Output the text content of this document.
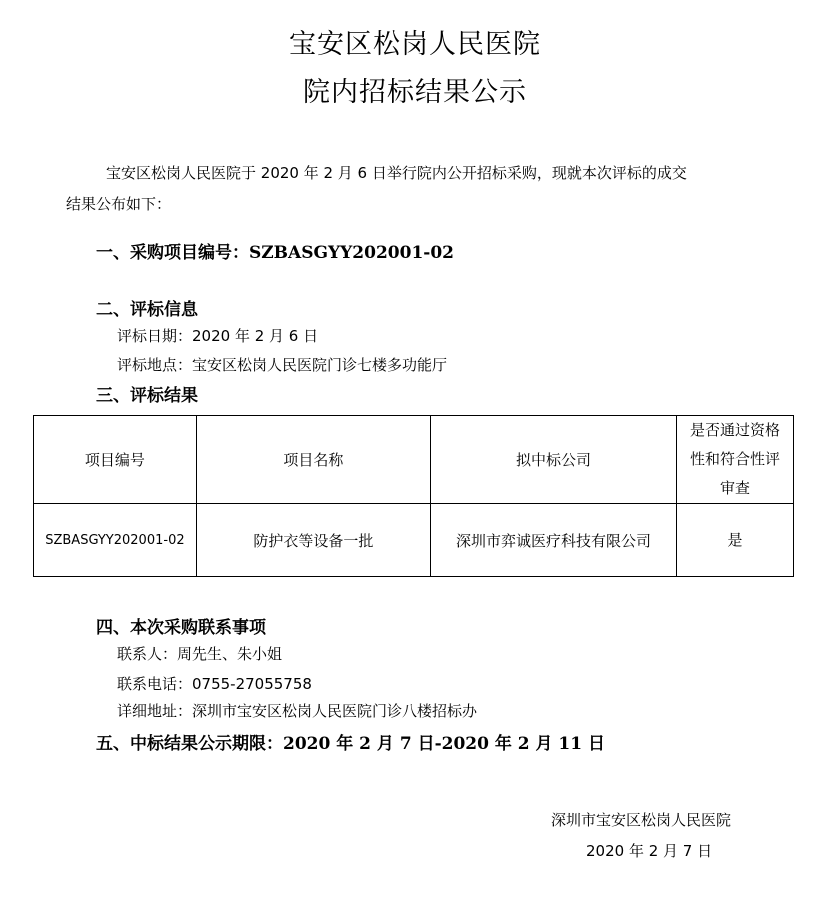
宝安区松岗人民医院
院内招标结果公示
宝安区松岗人民医院于 2020 年 2 月 6 日举行院内公开招标采购，现就本次评标的成交
结果公布如下：
一、采购项目编号：SZBASGYY202001-02
二、评标信息
评标日期：2020 年 2 月 6 日
评标地点：宝安区松岗人民医院门诊七楼多功能厅
三、评标结果
项目编号	项目名称	拟中标公司	是否通过资格性和符合性评审查
SZBASGYY202001-02	防护衣等设备一批	深圳市弈诚医疗科技有限公司	是
四、本次采购联系事项
联系人：周先生、朱小姐
联系电话：0755-27055758
详细地址：深圳市宝安区松岗人民医院门诊八楼招标办
五、中标结果公示期限：2020 年 2 月 7 日-2020 年 2 月 11 日
深圳市宝安区松岗人民医院
2020 年 2 月 7 日
